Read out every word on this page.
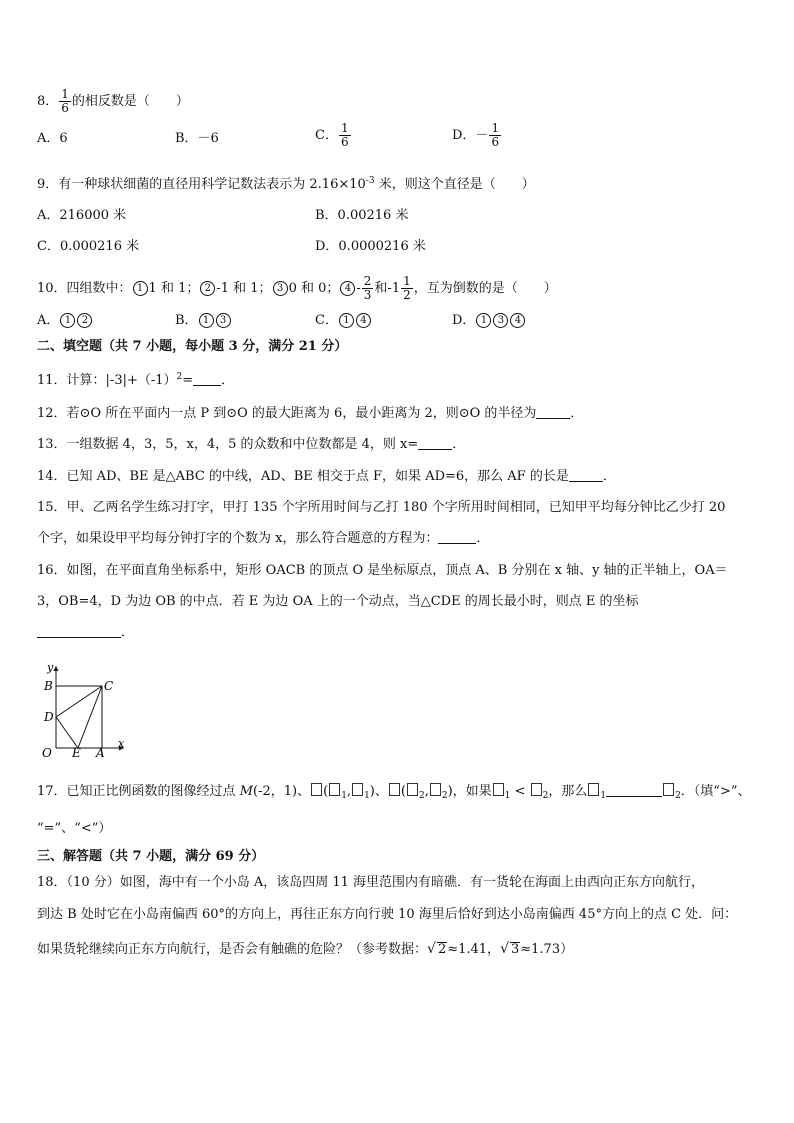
8． $\frac{1}{6}$ 的相反数是（　　）
A．6	B．－6	C． $\frac{1}{6}$	D．－ $\frac{1}{6}$
9．有一种球状细菌的直径用科学记数法表示为 $2.16\times 10^{-3}$ 米，则这个直径是（　　）
A．216000 米	B．0.00216 米
C．0.000216 米	D．0.0000216 米
10．四组数中： 1 1 和 1； 2 -1 和 1； 3 0 和 0； $4 - \frac{2}{3}$ 和$-1 \frac{1}{2}$ ，互为倒数的是（　　）
A． 1 2	B． 1 3	C． 1 4	D． 1 3 4
二、填空题（共 7 小题，每小题 3 分，满分 21 分）
11．计算：$|-3|+(-1)^2=$ ．
12．若⊙O 所在平面内一点 P 到⊙O 的最大距离为 6，最小距离为 2，则⊙O 的半径为	．
13．一组数据 4，3，5，x，4，5 的众数和中位数都是 4，则 x=	．
14．已知 AD、BE 是△ABC 的中线，AD、BE 相交于点 F，如果 AD=6，那么 AF 的长是	．
15．甲、乙两名学生练习打字，甲打 135 个字所用时间与乙打 180 个字所用时间相同，已知甲平均每分钟比乙少打 20
个字，如果设甲平均每分钟打字的个数为 x，那么符合题意的方程为：	．
16．如图，在平面直角坐标系中，矩形 OACB 的顶点 O 是坐标原点，顶点 A、B 分别在 x 轴、y 轴的正半轴上，OA＝
3，OB=4，D 为边 OB 的中点．若 E 为边 OA 上的一个动点，当△CDE 的周长最小时，则点 E 的坐标
．
y
x
B	C
D
O E A
17．已知正比例函数的图像经过点 M(-2，1)、 ( $_1$, $_1$)、 ( $_2$, $_2$)，如果 $_1$ < $_2$，那么 $_1$	$_2$．（填“>”、
“=”、“<”）
三、解答题（共 7 小题，满分 69 分）
18．（10 分）如图，海中有一个小岛 A，该岛四周 11 海里范围内有暗礁．有一货轮在海面上由西向正东方向航行，
到达 B 处时它在小岛南偏西 60°的方向上，再往正东方向行驶 10 海里后恰好到达小岛南偏西 45°方向上的点 C 处．问：
如果货轮继续向正东方向航行，是否会有触礁的危险？（参考数据：√ 2≈1.41，√ 3≈1.73）
